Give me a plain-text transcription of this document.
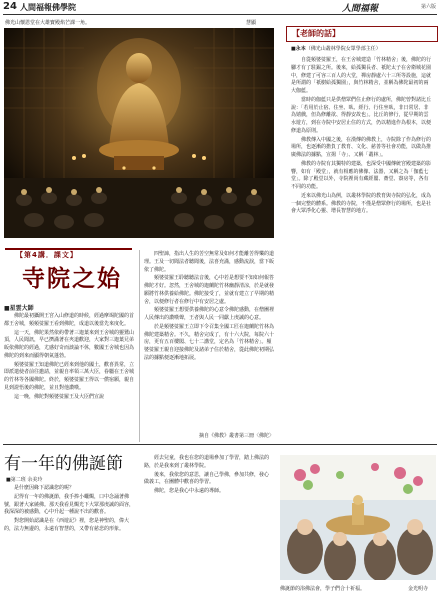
24 人間福報佛學院	人間福報	第六版
佛光山懷恩堂在大雄寶殿焰芒課一角。	慧顯
【老師的話】
■永本（佛光山叢林學院女眾學部主任）

自從頻婆娑羅王，在王舍城建造「竹林精舍」後，佛陀的行腳才有了駐錫之所。後來，給孤獨長者、祇陀太子在舍衛城花園中，修建了可容三百人的大堂，禪房靜處六十三所等設施，這就是所謂的「祇樹給孤獨園」，與竹林精舍，並稱為佛陀最初的兩大伽藍。

當時的伽藍只是供僧眾們住止修行的處所，佛陀曾對諸比丘說：「若用於止宿、住坐、臥、經行、行住坐臥，非日常居、非為嬉戲，但為修離欲、得靜安故也」。比丘的修行，從早期的雲水遊方，到在寺院中安居止住的方式，仍以精進作為根本，以便修道為原則。

佛教傳入中國之後，在漢傳的佛教上，寺院除了作為修行的場所，也逐漸的擔負了教育、文化、慈善等社會功能，以做為推廣佛法的據點，宣揚「寺」、又稱「叢林」。

佛教的寺院有其獨特的建築，也深受中國傳統宮殿建築的影響，如有「殿堂」，就有相應的佛像、法器，又稱之為「伽藍七堂」。除了殿堂以外，寺院裡尚有藏經閣、齋堂、寮房等，各有不同的功能。

近來以佛光山為例，以叢林學院的教育與寺院的弘化，成為一個完整的體系。佛教的寺院，不僅是僧眾修行的場所，也是社會大眾淨化心靈、增長智慧的地方。

【第4講．課文】
寺院之始
■星雲大師

佛陀最初攝開王宮入山修道的時候，經過摩竭陀國的首都王舍城，頻頻娑羅王看到佛陀，成道以後當先來度化。

這一天，佛陀果然依約帶著三迦葉來到王舍城的靈鷲山頂，人民聞訊，早已擠滿著在夾道歡迎，大家對三迦葉兄弟皈依佛陀的經過，尤感好奇而談論不休，數國王舍城也因為佛陀的到來而顯得朝氣蓬勃。

頻婆娑羅王知道佛陀已經來到他的國土，歡喜異常，立即派遣使者前往邀請，並親自率領三萬大臣，眷屬在王舍城的竹林等各國佛陀。終於，頻婆娑羅王得以一償宿願，親自見到證悟後的佛陀，並且對他讚嘆。

這一晚，佛陀對頻婆娑羅王及大臣們宣說

四聖諦，指出人生的苦空無常及如何才能離苦得樂的道理。王及一切聞法者聽聞後，法喜充滿，感動流淚，當下皈依了佛陀。

頻婆娑羅王聆聽聽法音後，心中若是想要不知如何報答佛陀才好。忽然，王舍城的迦蘭陀竹林幽靜清涼，於是就發願將竹林供養給佛陀。佛陀接受了，並就有建立了早期的精舍，以便修行者在修行中有安居之處。

頻婆娑羅王想要供養佛陀的心意令佛陀感動，在僧團裡人民傳出的讚嘆聲，王者與人民一同獻上虔誠的心意。

於是頻婆娑羅王立即下令召集全國工匠在迦蘭陀竹林為佛陀建築精舍。不久，精舍完成了，有十六大院，每院六十房，更有五百樓閣、七十二講堂，定名為「竹林精舍」。頻婆娑羅王親自迎接佛陀及諸弟子住於精舍，從此佛陀初期弘法的據點便逐漸地拓展。

摘自《佛教》叢書第三冊〈佛陀〉
有一年的佛誕節
■第二班 余美玲

是什麼因緣下認識您的呢？

記得有一年的佛誕節，我手捧小蠟燭，口中念誦著佛號，跟著大家繞佛。那天我看見燭光下大眾那虔誠的面容，我深深的被感動，心中升起一種說不出的歡喜。

對您開始認識是在《西遊記》裡，您是神聖的，偉大的，法力無邊的，永遠有智慧的，又帶有慈悲的形象。

經去兒童，我也在您的道場參加了學習，踏上佛法的路，於是我來到了叢林學院。

後來，我依您的意思，讓自己學佛，參加共修，發心做義工，在團體中歡喜的學習。

佛陀，您是我心中永遠的導師。

佛誕節的浴佛法會，學子們合十祈福。	金光明寺
